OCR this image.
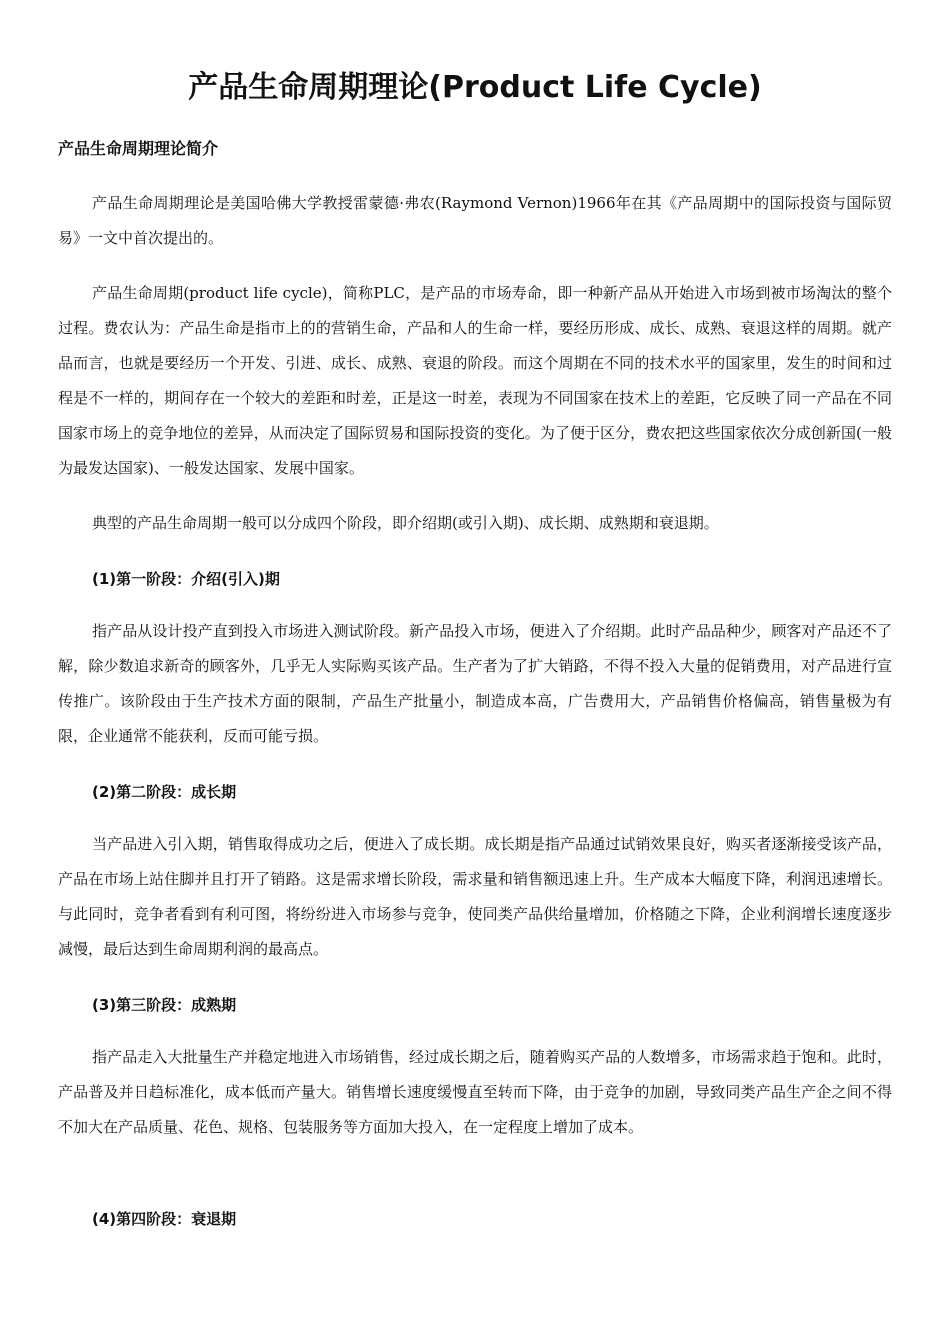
产品生命周期理论(Product Life Cycle)
产品生命周期理论简介

产品生命周期理论是美国哈佛大学教授雷蒙德·弗农(Raymond Vernon)1966年在其《产品周期中的国际投资与国际贸易》一文中首次提出的。

产品生命周期(product life cycle)，简称PLC，是产品的市场寿命，即一种新产品从开始进入市场到被市场淘汰的整个过程。费农认为：产品生命是指市上的的营销生命，产品和人的生命一样，要经历形成、成长、成熟、衰退这样的周期。就产品而言，也就是要经历一个开发、引进、成长、成熟、衰退的阶段。而这个周期在不同的技术水平的国家里，发生的时间和过程是不一样的，期间存在一个较大的差距和时差，正是这一时差，表现为不同国家在技术上的差距，它反映了同一产品在不同国家市场上的竞争地位的差异，从而决定了国际贸易和国际投资的变化。为了便于区分，费农把这些国家依次分成创新国(一般为最发达国家)、一般发达国家、发展中国家。

典型的产品生命周期一般可以分成四个阶段，即介绍期(或引入期)、成长期、成熟期和衰退期。

(1)第一阶段：介绍(引入)期

指产品从设计投产直到投入市场进入测试阶段。新产品投入市场，便进入了介绍期。此时产品品种少，顾客对产品还不了解，除少数追求新奇的顾客外，几乎无人实际购买该产品。生产者为了扩大销路，不得不投入大量的促销费用，对产品进行宣传推广。该阶段由于生产技术方面的限制，产品生产批量小，制造成本高，广告费用大，产品销售价格偏高，销售量极为有限，企业通常不能获利，反而可能亏损。

(2)第二阶段：成长期

当产品进入引入期，销售取得成功之后，便进入了成长期。成长期是指产品通过试销效果良好，购买者逐渐接受该产品，产品在市场上站住脚并且打开了销路。这是需求增长阶段，需求量和销售额迅速上升。生产成本大幅度下降，利润迅速增长。与此同时，竞争者看到有利可图，将纷纷进入市场参与竞争，使同类产品供给量增加，价格随之下降，企业利润增长速度逐步减慢，最后达到生命周期利润的最高点。

(3)第三阶段：成熟期

指产品走入大批量生产并稳定地进入市场销售，经过成长期之后，随着购买产品的人数增多，市场需求趋于饱和。此时，产品普及并日趋标准化，成本低而产量大。销售增长速度缓慢直至转而下降，由于竞争的加剧，导致同类产品生产企之间不得不加大在产品质量、花色、规格、包装服务等方面加大投入，在一定程度上增加了成本。

(4)第四阶段：衰退期
